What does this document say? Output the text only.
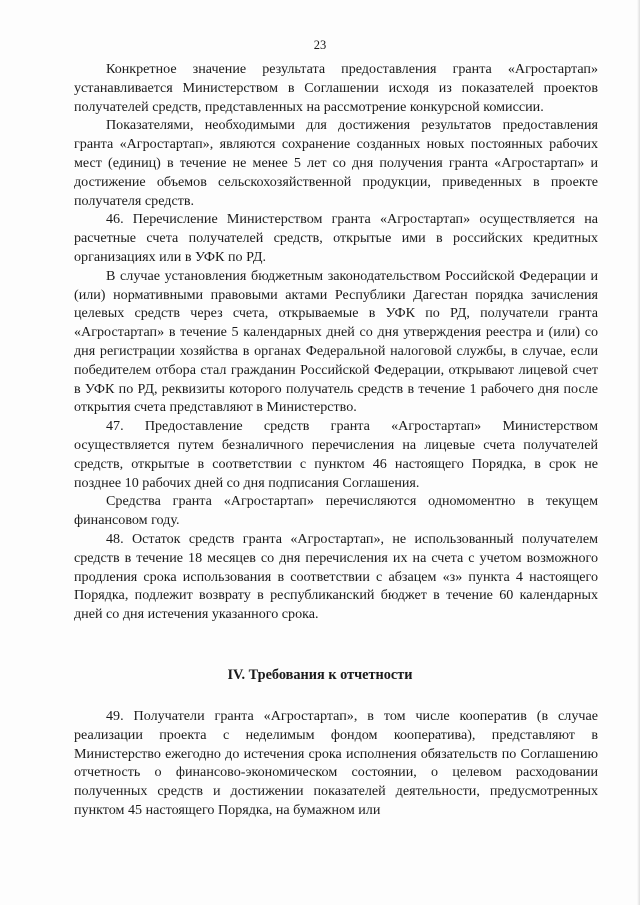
23

Конкретное значение результата предоставления гранта «Агростартап» устанавливается Министерством в Соглашении исходя из показателей проектов получателей средств, представленных на рассмотрение конкурсной комиссии.

Показателями, необходимыми для достижения результатов предоставления гранта «Агростартап», являются сохранение созданных новых постоянных рабочих мест (единиц) в течение не менее 5 лет со дня получения гранта «Агростартап» и достижение объемов сельскохозяйственной продукции, приведенных в проекте получателя средств.

46. Перечисление Министерством гранта «Агростартап» осуществляется на расчетные счета получателей средств, открытые ими в российских кредитных организациях или в УФК по РД.

В случае установления бюджетным законодательством Российской Федерации и (или) нормативными правовыми актами Республики Дагестан порядка зачисления целевых средств через счета, открываемые в УФК по РД, получатели гранта «Агростартап» в течение 5 календарных дней со дня утверждения реестра и (или) со дня регистрации хозяйства в органах Федеральной налоговой службы, в случае, если победителем отбора стал гражданин Российской Федерации, открывают лицевой счет в УФК по РД, реквизиты которого получатель средств в течение 1 рабочего дня после открытия счета представляют в Министерство.

47. Предоставление средств гранта «Агростартап» Министерством осуществляется путем безналичного перечисления на лицевые счета получателей средств, открытые в соответствии с пунктом 46 настоящего Порядка, в срок не позднее 10 рабочих дней со дня подписания Соглашения.

Средства гранта «Агростартап» перечисляются одномоментно в текущем финансовом году.

48. Остаток средств гранта «Агростартап», не использованный получателем средств в течение 18 месяцев со дня перечисления их на счета с учетом возможного продления срока использования в соответствии с абзацем «з» пункта 4 настоящего Порядка, подлежит возврату в республиканский бюджет в течение 60 календарных дней со дня истечения указанного срока.

IV. Требования к отчетности

49. Получатели гранта «Агростартап», в том числе кооператив (в случае реализации проекта с неделимым фондом кооператива), представляют в Министерство ежегодно до истечения срока исполнения обязательств по Соглашению отчетность о финансово-экономическом состоянии, о целевом расходовании полученных средств и достижении показателей деятельности, предусмотренных пунктом 45 настоящего Порядка, на бумажном или
